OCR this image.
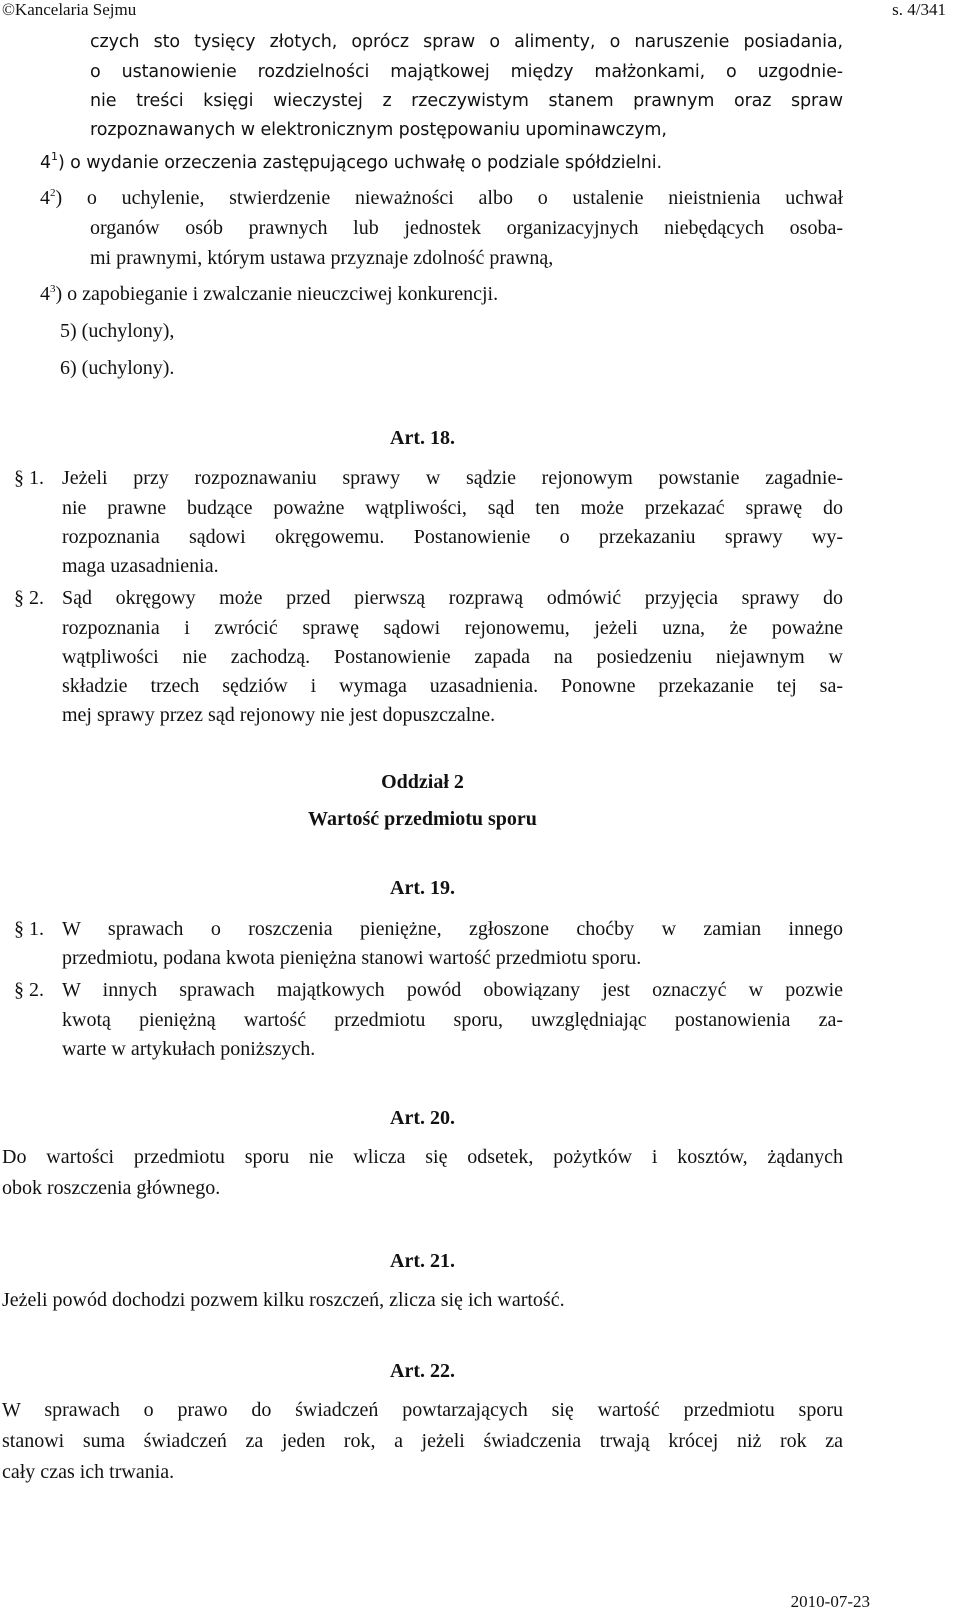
©Kancelaria Sejmu	s. 4/341
czych sto tysięcy złotych, oprócz spraw o alimenty, o naruszenie posiadania,
o ustanowienie rozdzielności majątkowej między małżonkami, o uzgodnie-
nie treści księgi wieczystej z rzeczywistym stanem prawnym oraz spraw
rozpoznawanych w elektronicznym postępowaniu upominawczym,
$4^1$) o wydanie orzeczenia zastępującego uchwałę o podziale spółdzielni.
$4^2$) o uchylenie, stwierdzenie nieważności albo o ustalenie nieistnienia uchwał
organów osób prawnych lub jednostek organizacyjnych niebędących osoba-
mi prawnymi, którym ustawa przyznaje zdolność prawną,
$4^3$) o zapobieganie i zwalczanie nieuczciwej konkurencji.
5) (uchylony),
6) (uchylony).
Art. 18.
§ 1. Jeżeli przy rozpoznawaniu sprawy w sądzie rejonowym powstanie zagadnie-
nie prawne budzące poważne wątpliwości, sąd ten może przekazać sprawę do
rozpoznania sądowi okręgowemu. Postanowienie o przekazaniu sprawy wy-
maga uzasadnienia.
§ 2. Sąd okręgowy może przed pierwszą rozprawą odmówić przyjęcia sprawy do
rozpoznania i zwrócić sprawę sądowi rejonowemu, jeżeli uzna, że poważne
wątpliwości nie zachodzą. Postanowienie zapada na posiedzeniu niejawnym w
składzie trzech sędziów i wymaga uzasadnienia. Ponowne przekazanie tej sa-
mej sprawy przez sąd rejonowy nie jest dopuszczalne.
Oddział 2
Wartość przedmiotu sporu
Art. 19.
§ 1. W sprawach o roszczenia pieniężne, zgłoszone choćby w zamian innego
przedmiotu, podana kwota pieniężna stanowi wartość przedmiotu sporu.
§ 2. W innych sprawach majątkowych powód obowiązany jest oznaczyć w pozwie
kwotą pieniężną wartość przedmiotu sporu, uwzględniając postanowienia za-
warte w artykułach poniższych.
Art. 20.
Do wartości przedmiotu sporu nie wlicza się odsetek, pożytków i kosztów, żądanych
obok roszczenia głównego.
Art. 21.
Jeżeli powód dochodzi pozwem kilku roszczeń, zlicza się ich wartość.
Art. 22.
W sprawach o prawo do świadczeń powtarzających się wartość przedmiotu sporu
stanowi suma świadczeń za jeden rok, a jeżeli świadczenia trwają krócej niż rok za
cały czas ich trwania.
2010-07-23
